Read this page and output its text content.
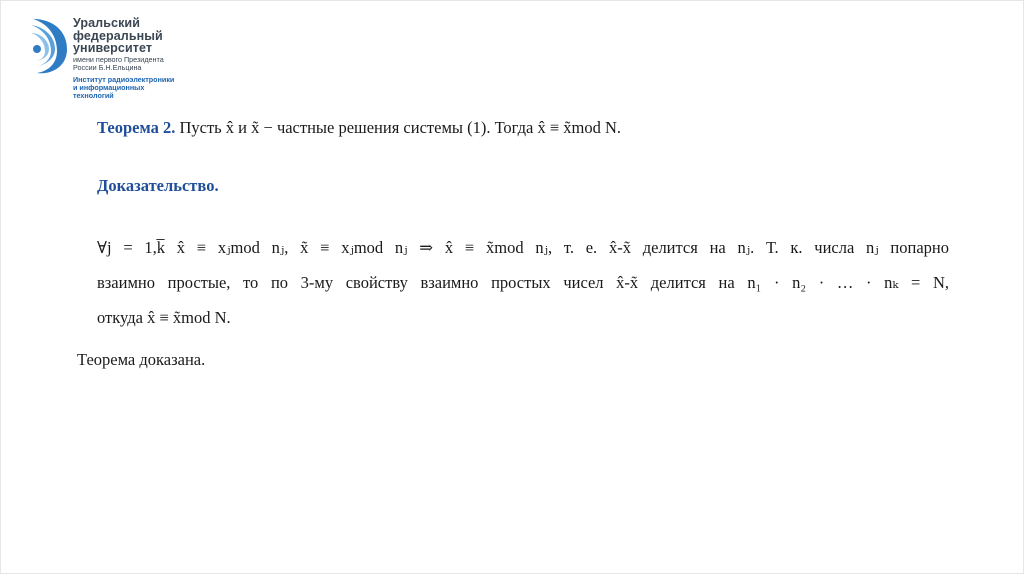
Уральский
федеральный
университет
имени первого Президента
России Б.Н.Ельцина
Институт радиоэлектроники
и информационных
технологий
Теорема 2. Пусть x̂ и x̃ − частные решения системы (1). Тогда x̂ ≡ x̃mod N.
Доказательство.
∀j = 1,k̅ x̂ ≡ xⱼmod nⱼ, x̃ ≡ xⱼmod nⱼ ⇒ x̂ ≡ x̃mod nⱼ, т. е. x̂-x̃ делится на nⱼ. Т. к. числа nⱼ попарно
взаимно простые, то по 3-му свойству взаимно простых чисел x̂-x̃ делится на n₁ · n₂ · … · nₖ = N,
откуда x̂ ≡ x̃mod N.
Теорема доказана.
